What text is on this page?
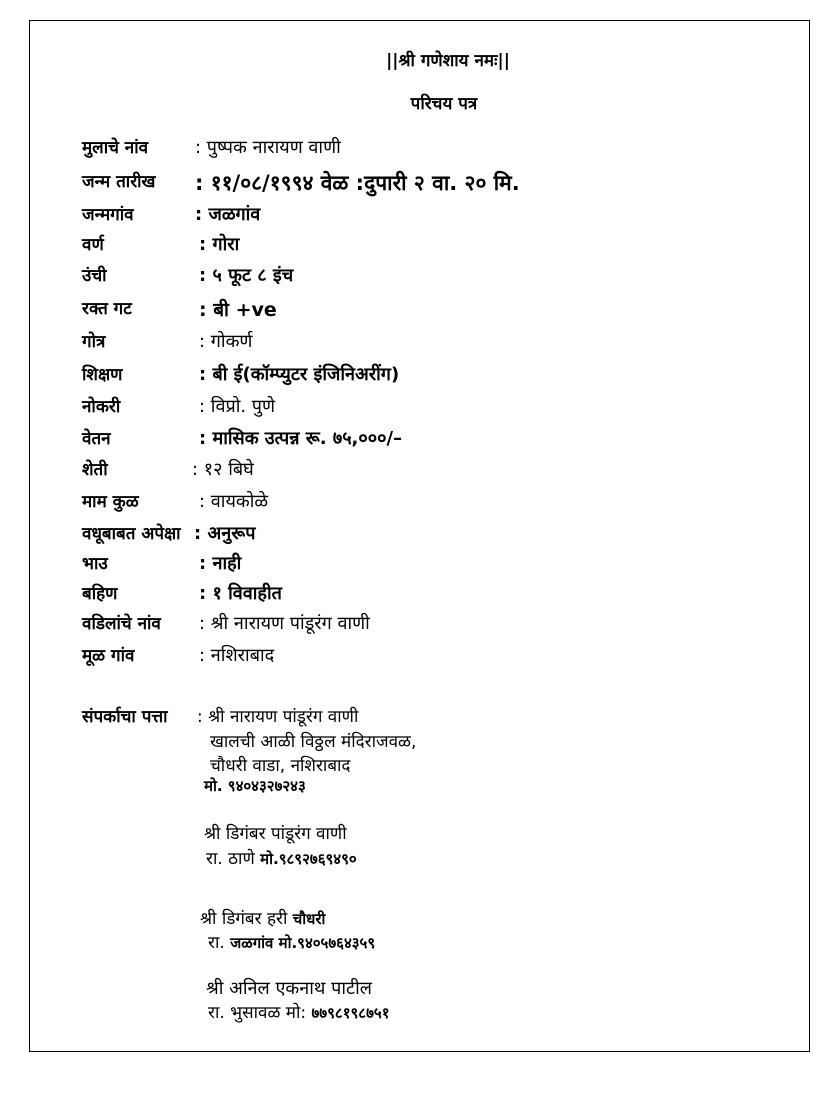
||श्री गणेशाय नमः||
परिचय पत्र
मुलाचे नांव	: पुष्पक नारायण वाणी
जन्म तारीख : ११/०८/१९९४ वेळ :दुपारी २ वा. २० मि.
जन्मगांव	: जळगांव
वर्ण	: गोरा
उंची	: ५ फूट ८ इंच
रक्त गट	: बी +ve
गोत्र	: गोकर्ण
शिक्षण	: बी ई(कॉम्प्युटर इंजिनिअरींग)
नोकरी	: विप्रो. पुणे
वेतन	: मासिक उत्पन्न रू. ७५,०००/–
शेती	: १२ बिघे
माम कुळ	: वायकोळे
वधूबाबत अपेक्षा : अनुरूप
भाउ	: नाही
बहिण	: १ विवाहीत
वडिलांचे नांव : श्री नारायण पांडूरंग वाणी
मूळ गांव	: नशिराबाद
संपर्काचा पत्ता : श्री नारायण पांडूरंग वाणी
खालची आळी विठ्ठल मंदिराजवळ,
चौधरी वाडा, नशिराबाद
मो. ९४०४३२७२४३
श्री डिगंबर पांडूरंग वाणी
रा. ठाणे मो.९८९२७६९४९०
श्री डिगंबर हरी चौधरी
रा. जळगांव मो.९४०५७६४३५९
श्री अनिल एकनाथ पाटील
रा. भुसावळ मो: ७७९८१९८७५१
